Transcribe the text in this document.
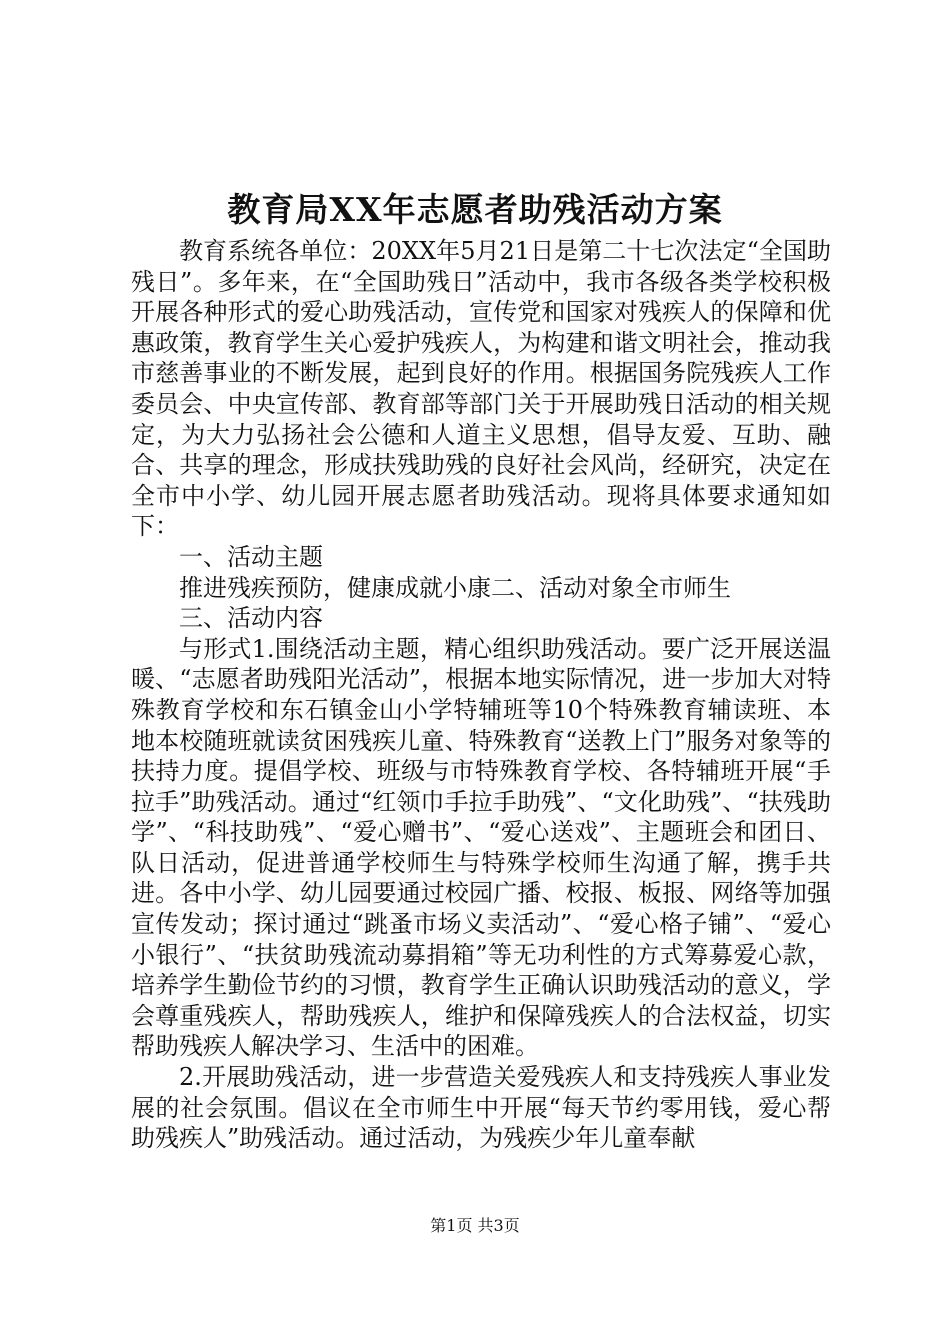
教育局XX年志愿者助残活动方案

教育系统各单位：20XX年5月21日是第二十七次法定“全国助残日”。多年来，在“全国助残日”活动中，我市各级各类学校积极开展各种形式的爱心助残活动，宣传党和国家对残疾人的保障和优惠政策，教育学生关心爱护残疾人，为构建和谐文明社会，推动我市慈善事业的不断发展，起到良好的作用。根据国务院残疾人工作委员会、中央宣传部、教育部等部门关于开展助残日活动的相关规定，为大力弘扬社会公德和人道主义思想，倡导友爱、互助、融合、共享的理念，形成扶残助残的良好社会风尚，经研究，决定在全市中小学、幼儿园开展志愿者助残活动。现将具体要求通知如下：

一、活动主题

推进残疾预防，健康成就小康二、活动对象全市师生

三、活动内容

与形式1.围绕活动主题，精心组织助残活动。要广泛开展送温暖、“志愿者助残阳光活动”，根据本地实际情况，进一步加大对特殊教育学校和东石镇金山小学特辅班等10个特殊教育辅读班、本地本校随班就读贫困残疾儿童、特殊教育“送教上门”服务对象等的扶持力度。提倡学校、班级与市特殊教育学校、各特辅班开展“手拉手”助残活动。通过“红领巾手拉手助残”、“文化助残”、“扶残助学”、“科技助残”、“爱心赠书”、“爱心送戏”、主题班会和团日、队日活动，促进普通学校师生与特殊学校师生沟通了解，携手共进。各中小学、幼儿园要通过校园广播、校报、板报、网络等加强宣传发动；探讨通过“跳蚤市场义卖活动”、“爱心格子铺”、“爱心小银行”、“扶贫助残流动募捐箱”等无功利性的方式筹募爱心款，培养学生勤俭节约的习惯，教育学生正确认识助残活动的意义，学会尊重残疾人，帮助残疾人，维护和保障残疾人的合法权益，切实帮助残疾人解决学习、生活中的困难。

2.开展助残活动，进一步营造关爱残疾人和支持残疾人事业发展的社会氛围。倡议在全市师生中开展“每天节约零用钱，爱心帮助残疾人”助残活动。通过活动，为残疾少年儿童奉献

第1页 共3页
